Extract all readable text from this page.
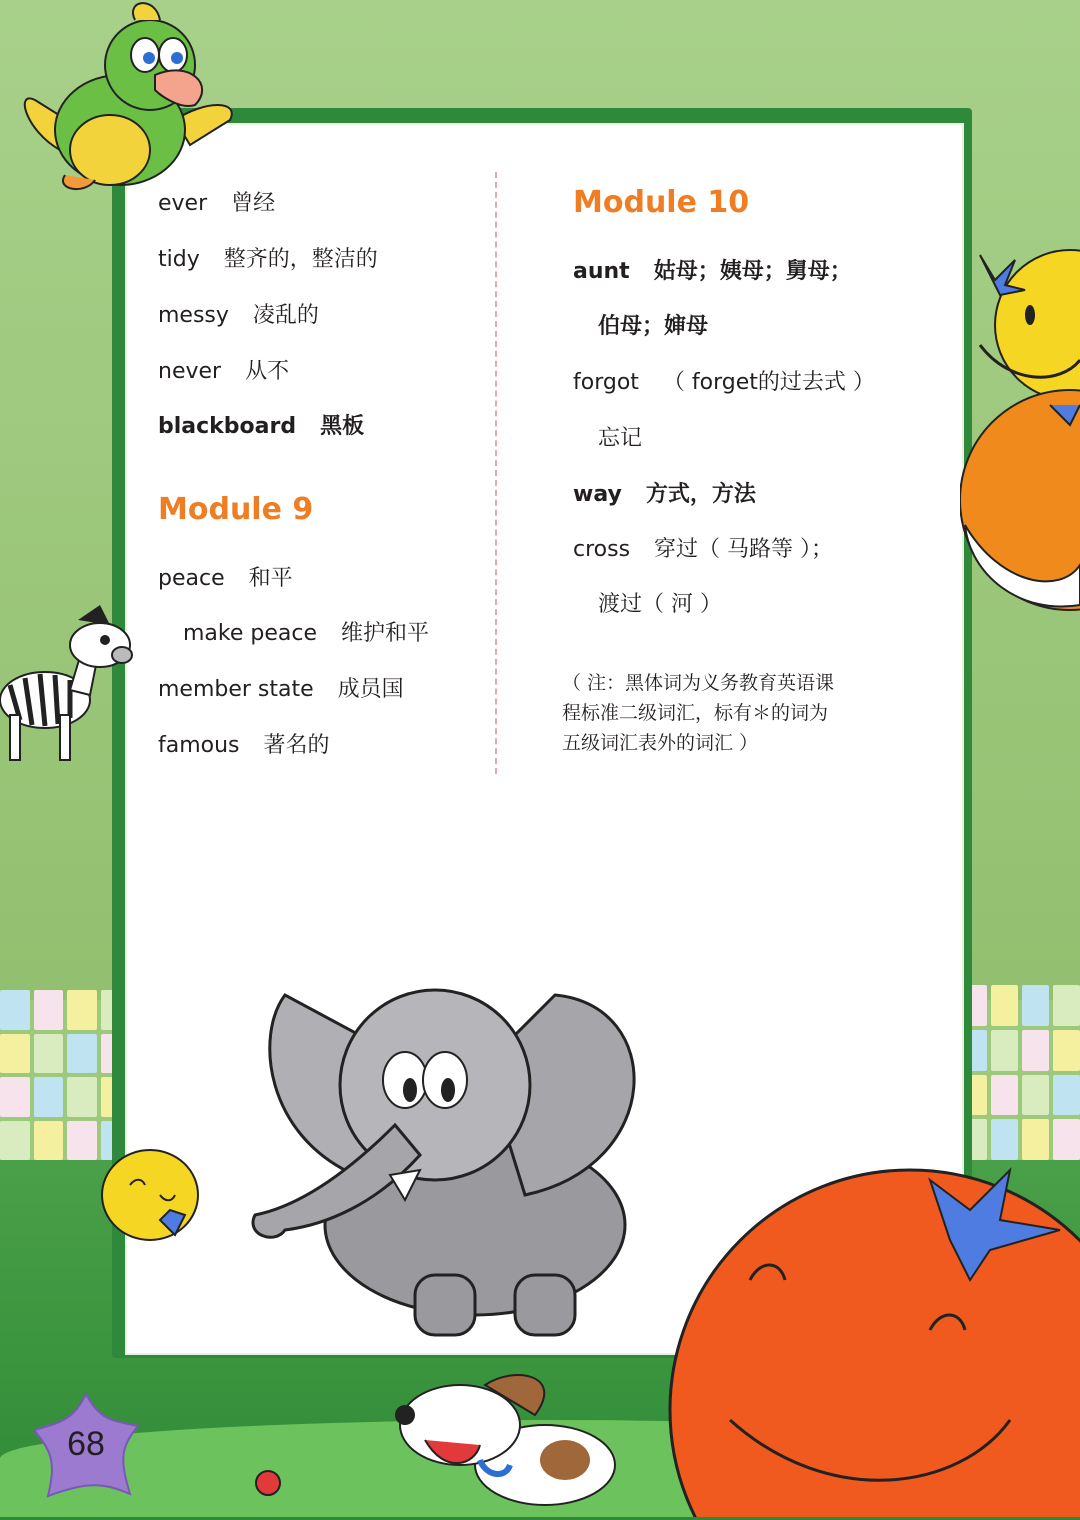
ever 曾经
tidy 整齐的，整洁的
messy 凌乱的
never 从不
blackboard 黑板
Module 9
peace 和平
make peace 维护和平
member state 成员国
famous 著名的
Module 10
aunt 姑母；姨母；舅母；
伯母；婶母
forgot （ forget的过去式 ）
忘记
way 方式，方法
cross 穿过（ 马路等 ）；
渡过（ 河 ）
（ 注：黑体词为义务教育英语课
程标准二级词汇，标有＊的词为
五级词汇表外的词汇 ）
68
